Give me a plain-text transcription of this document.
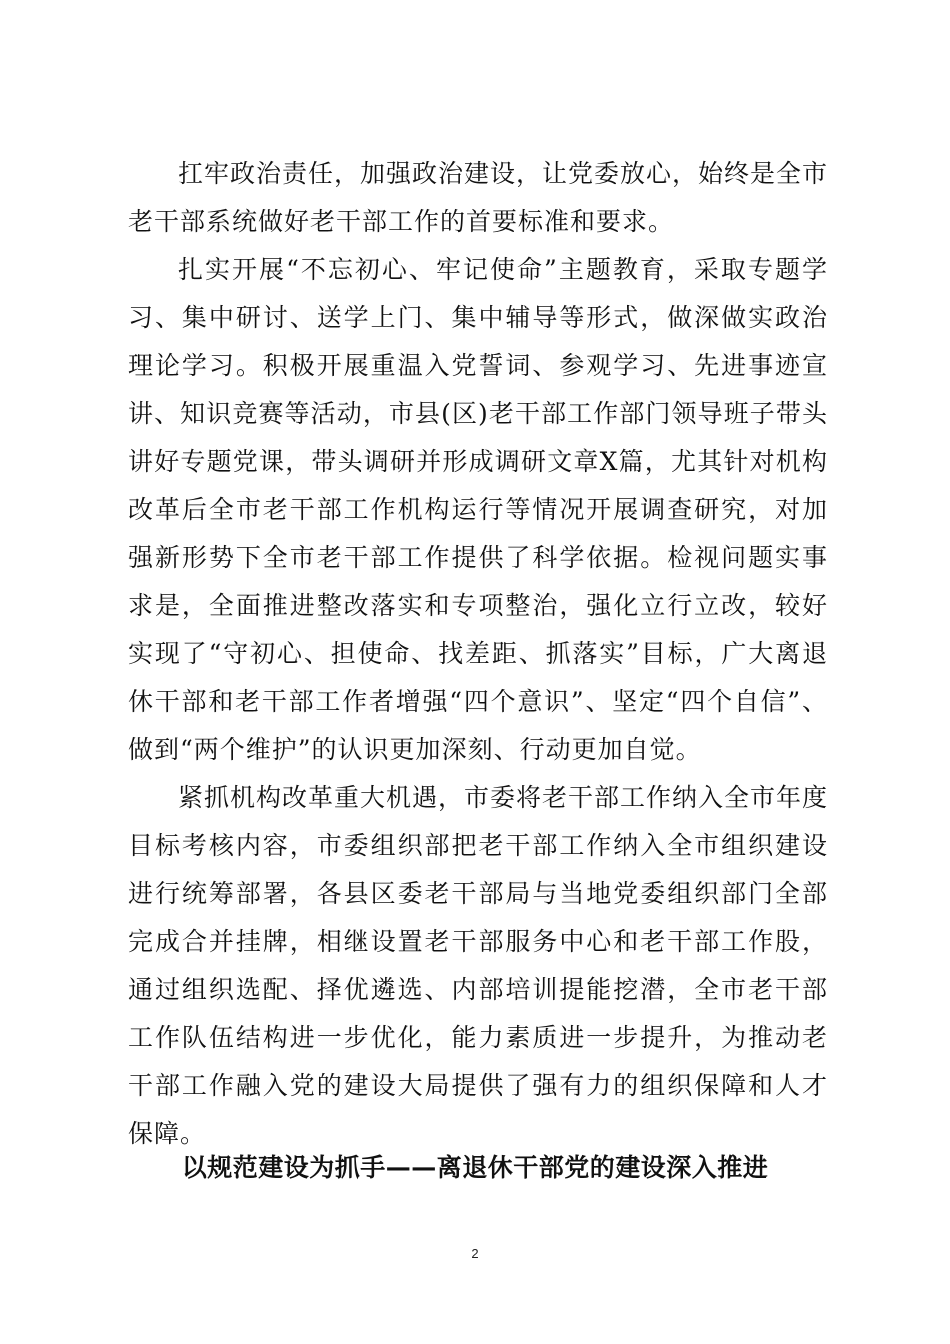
扛牢政治责任，加强政治建设，让党委放心，始终是全市老干部系统做好老干部工作的首要标准和要求。

扎实开展“不忘初心、牢记使命”主题教育，采取专题学习、集中研讨、送学上门、集中辅导等形式，做深做实政治理论学习。积极开展重温入党誓词、参观学习、先进事迹宣讲、知识竞赛等活动，市县(区)老干部工作部门领导班子带头讲好专题党课，带头调研并形成调研文章X篇，尤其针对机构改革后全市老干部工作机构运行等情况开展调查研究，对加强新形势下全市老干部工作提供了科学依据。检视问题实事求是，全面推进整改落实和专项整治，强化立行立改，较好实现了“守初心、担使命、找差距、抓落实”目标，广大离退休干部和老干部工作者增强“四个意识”、坚定“四个自信”、做到“两个维护”的认识更加深刻、行动更加自觉。

紧抓机构改革重大机遇，市委将老干部工作纳入全市年度目标考核内容，市委组织部把老干部工作纳入全市组织建设进行统筹部署，各县区委老干部局与当地党委组织部门全部完成合并挂牌，相继设置老干部服务中心和老干部工作股，通过组织选配、择优遴选、内部培训提能挖潜，全市老干部工作队伍结构进一步优化，能力素质进一步提升，为推动老干部工作融入党的建设大局提供了强有力的组织保障和人才保障。

以规范建设为抓手——离退休干部党的建设深入推进
2
